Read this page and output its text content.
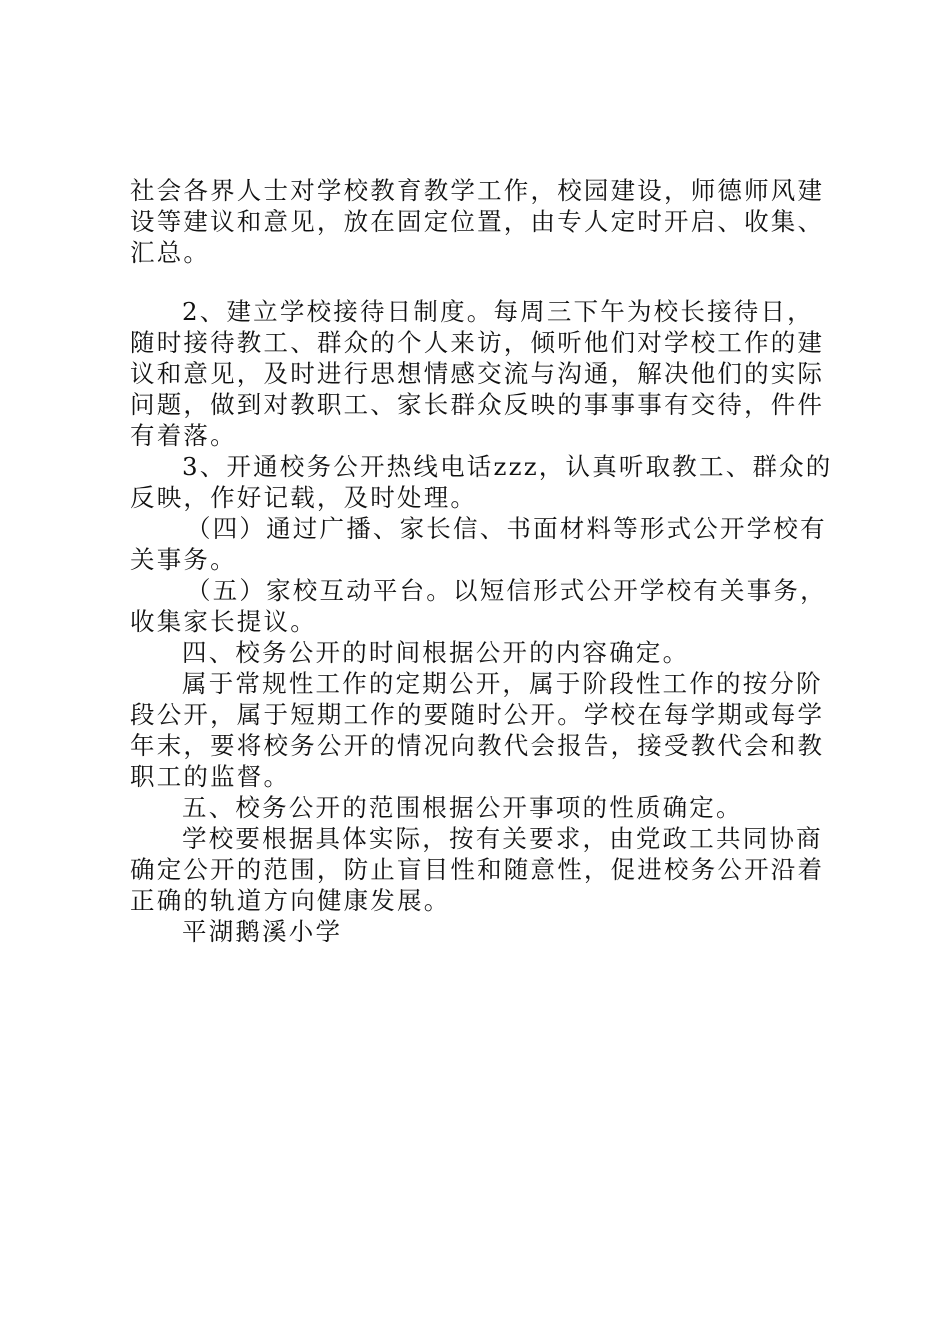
社会各界人士对学校教育教学工作，校园建设，师德师风建设等建议和意见，放在固定位置，由专人定时开启、收集、汇总。

2、建立学校接待日制度。每周三下午为校长接待日，随时接待教工、群众的个人来访，倾听他们对学校工作的建议和意见，及时进行思想情感交流与沟通，解决他们的实际问题，做到对教职工、家长群众反映的事事事有交待，件件有着落。

3、开通校务公开热线电话zzz，认真听取教工、群众的反映，作好记载，及时处理。

（四）通过广播、家长信、书面材料等形式公开学校有关事务。

（五）家校互动平台。以短信形式公开学校有关事务，收集家长提议。

四、校务公开的时间根据公开的内容确定。

属于常规性工作的定期公开，属于阶段性工作的按分阶段公开，属于短期工作的要随时公开。学校在每学期或每学年末，要将校务公开的情况向教代会报告，接受教代会和教职工的监督。

五、校务公开的范围根据公开事项的性质确定。

学校要根据具体实际，按有关要求，由党政工共同协商确定公开的范围，防止盲目性和随意性，促进校务公开沿着正确的轨道方向健康发展。

平湖鹅溪小学
